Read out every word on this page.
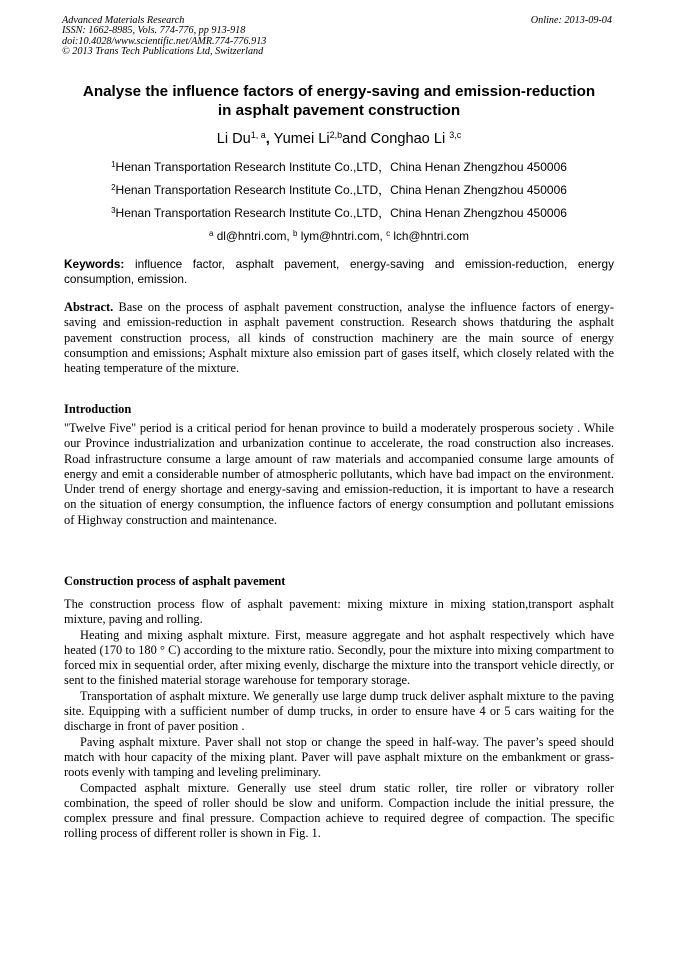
Advanced Materials Research
ISSN: 1662-8985, Vols. 774-776, pp 913-918
doi:10.4028/www.scientific.net/AMR.774-776.913
© 2013 Trans Tech Publications Ltd, Switzerland
Online: 2013-09-04
Analyse the influence factors of energy-saving and emission-reduction
in asphalt pavement construction
Li Du$^{1, a}$, Yumei Li$^{2,b}$and Conghao Li $^{3,c}$
$^1$Henan Transportation Research Institute Co.,LTD，China Henan Zhengzhou 450006
$^2$Henan Transportation Research Institute Co.,LTD，China Henan Zhengzhou 450006
$^3$Henan Transportation Research Institute Co.,LTD，China Henan Zhengzhou 450006
$^a$ dl@hntri.com, $^b$ lym@hntri.com, $^c$ lch@hntri.com
Keywords: influence factor, asphalt pavement, energy-saving and emission-reduction, energy consumption, emission.
Abstract. Base on the process of asphalt pavement construction, analyse the influence factors of energy-saving and emission-reduction in asphalt pavement construction. Research shows thatduring the asphalt pavement construction process, all kinds of construction machinery are the main source of energy consumption and emissions; Asphalt mixture also emission part of gases itself, which closely related with the heating temperature of the mixture.
Introduction
"Twelve Five" period is a critical period for henan province to build a moderately prosperous society . While our Province industrialization and urbanization continue to accelerate, the road construction also increases. Road infrastructure consume a large amount of raw materials and accompanied consume large amounts of energy and emit a considerable number of atmospheric pollutants, which have bad impact on the environment. Under trend of energy shortage and energy-saving and emission-reduction, it is important to have a research on the situation of energy consumption, the influence factors of energy consumption and pollutant emissions of Highway construction and maintenance.
Construction process of asphalt pavement

The construction process flow of asphalt pavement: mixing mixture in mixing station,transport asphalt mixture, paving and rolling.

Heating and mixing asphalt mixture. First, measure aggregate and hot asphalt respectively which have heated (170 to 180 ° C) according to the mixture ratio. Secondly, pour the mixture into mixing compartment to forced mix in sequential order, after mixing evenly, discharge the mixture into the transport vehicle directly, or sent to the finished material storage warehouse for temporary storage.

Transportation of asphalt mixture. We generally use large dump truck deliver asphalt mixture to the paving site. Equipping with a sufficient number of dump trucks, in order to ensure have 4 or 5 cars waiting for the discharge in front of paver position .

Paving asphalt mixture. Paver shall not stop or change the speed in half-way. The paver’s speed should match with hour capacity of the mixing plant. Paver will pave asphalt mixture on the embankment or grass-roots evenly with tamping and leveling preliminary.

Compacted asphalt mixture. Generally use steel drum static roller, tire roller or vibratory roller combination, the speed of roller should be slow and uniform. Compaction include the initial pressure, the complex pressure and final pressure. Compaction achieve to required degree of compaction. The specific rolling process of different roller is shown in Fig. 1.
